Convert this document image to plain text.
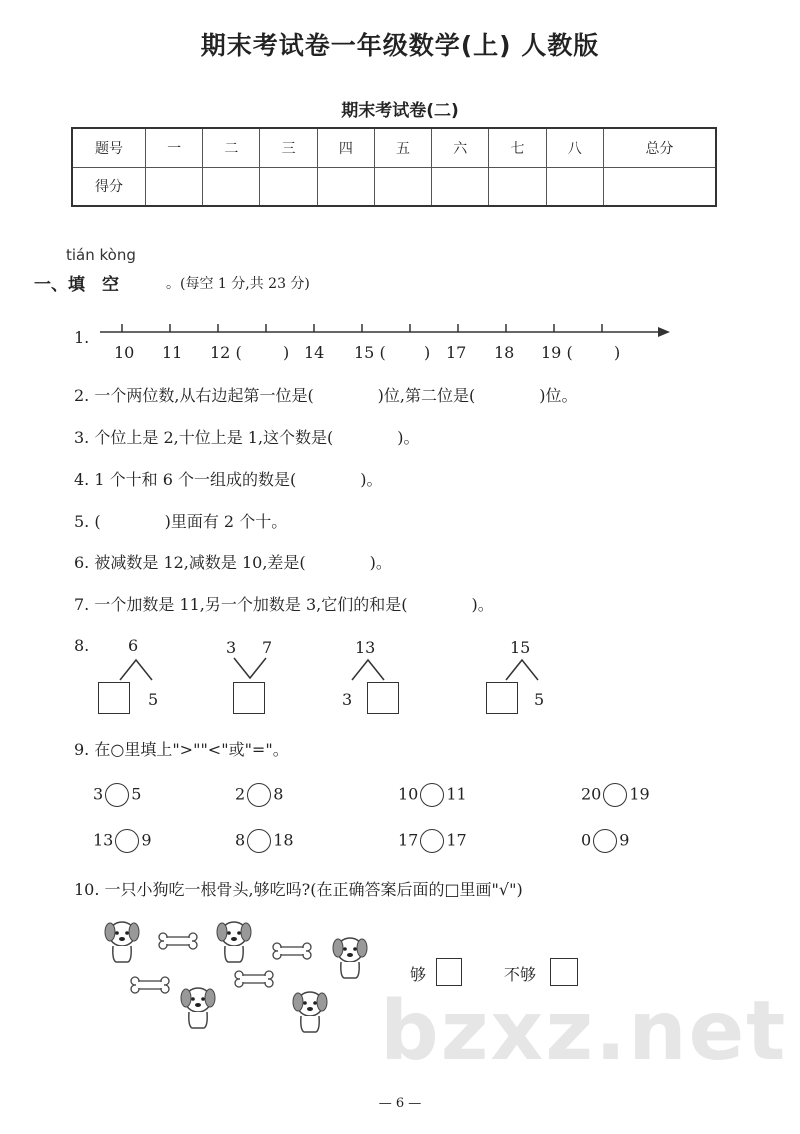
期末考试卷一年级数学(上) 人教版
期末考试卷(二)
题号	一	二	三	四	五	六	七	八	总分
得分									
tián kòng
一、填　空	。(每空 1 分,共 23 分)
1.
10 11 12 (	) 14 15 ( ) 17 18 19 (	)
2. 一个两位数,从右边起第一位是(　　　　)位,第二位是(　　　　)位。
3. 个位上是 2,十位上是 1,这个数是(　　　　)。
4. 1 个十和 6 个一组成的数是(　　　　)。
5. (　　　　)里面有 2 个十。
6. 被减数是 12,减数是 10,差是(　　　　)。
7. 一个加数是 11,另一个加数是 3,它们的和是(　　　　)。
8. 6
5
3 7	13
3
15
5
9. 在○里填上">""<"或"="。
3 5	2 8	10 11	20 19
13 9	8 18	17 17	0 9
10. 一只小狗吃一根骨头,够吃吗?(在正确答案后面的□里画"√")
够	不够
bzxz.net
— 6 —
